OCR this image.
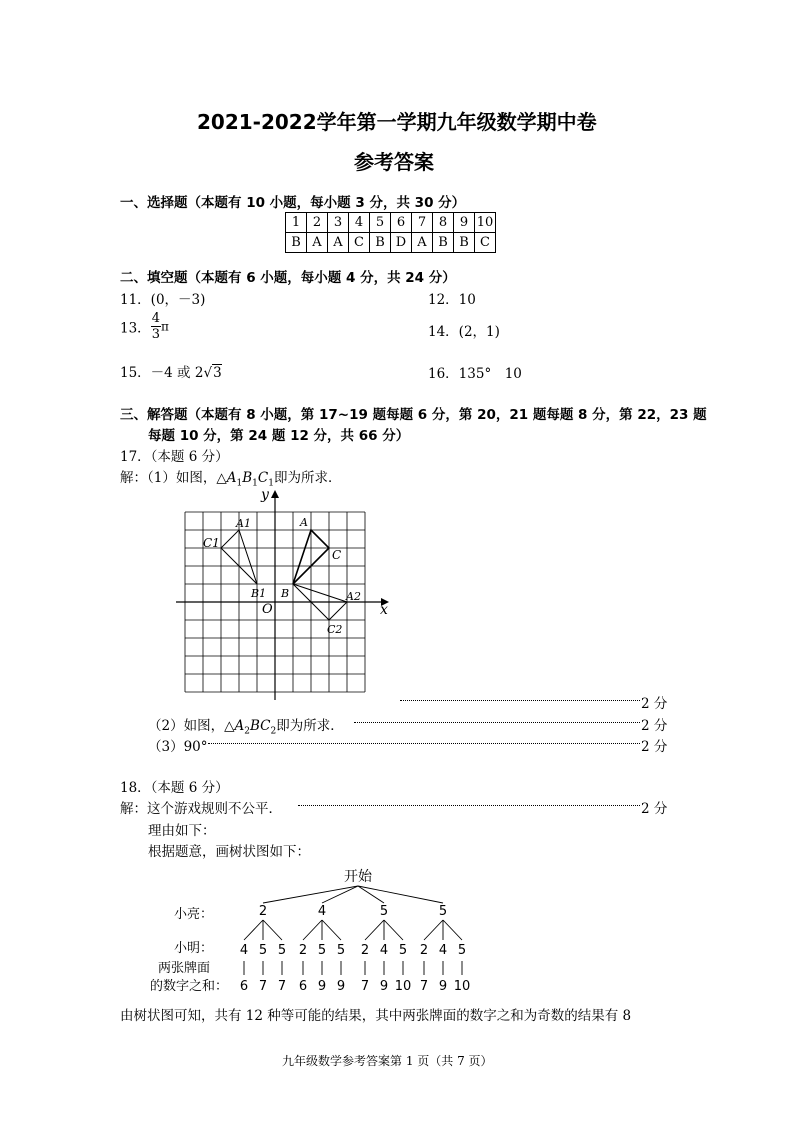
2021-2022学年第一学期九年级数学期中卷
参考答案
一、选择题（本题有 10 小题，每小题 3 分，共 30 分）
1	2	3	4	5	6	7	8	9	10
B	A	A	C	B	D	A	B	B	C
二、填空题（本题有 6 小题，每小题 4 分，共 24 分）
11．(0，－3)	12．10
13． $\frac{4}{3}$ π	14．(2，1)
15．－4 或 2√3	16．135°　10
三、解答题（本题有 8 小题，第 17~19 题每题 6 分，第 20，21 题每题 8 分，第 22，23 题
每题 10 分，第 24 题 12 分，共 66 分）
17．（本题 6 分）
解：（1）如图，$\triangle A_1B_1C_1$即为所求．
y
x
O
A
B
C
A1
C1
B1	A2
C2
2 分
（2）如图，$\triangle A_2BC_2$即为所求．	2 分
（3）90°	2 分
18．（本题 6 分）
解：这个游戏规则不公平．	2 分
理由如下：
根据题意，画树状图如下：
开始
小亮：
小明：
两张牌面
的数字之和：
2	4	5	5
4 5 5 2 5 5 2 4 5 2 4 5
6 7 7 6 9 9 7 9 10 7 9 10
由树状图可知，共有 12 种等可能的结果，其中两张牌面的数字之和为奇数的结果有 8
九年级数学参考答案第 1 页（共 7 页）
